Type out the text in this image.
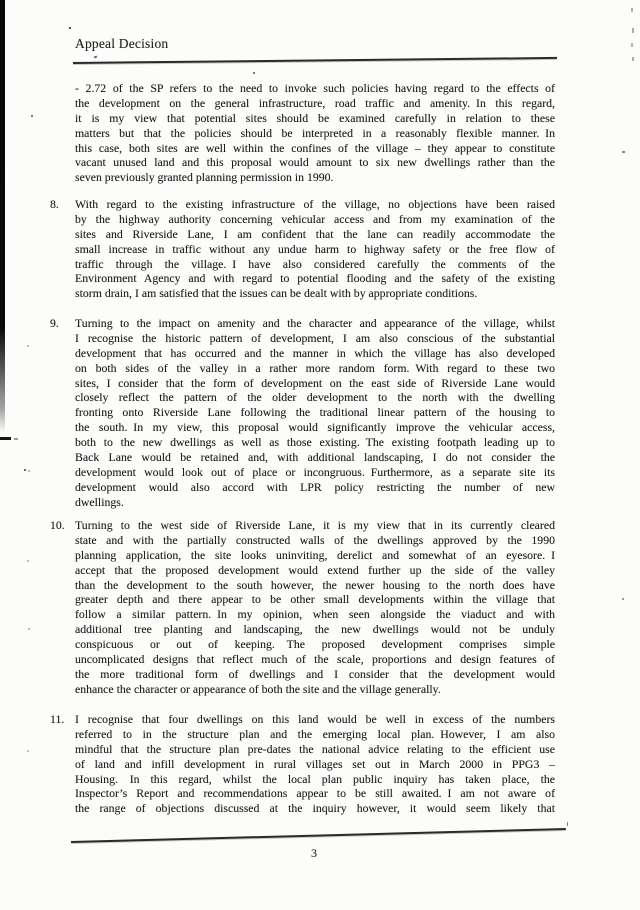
Appeal Decision
- 2.72 of the SP refers to the need to invoke such policies having regard to the effects of
the development on the general infrastructure, road traffic and amenity. In this regard,
it is my view that potential sites should be examined carefully in relation to these
matters but that the policies should be interpreted in a reasonably flexible manner. In
this case, both sites are well within the confines of the village – they appear to constitute
vacant unused land and this proposal would amount to six new dwellings rather than the
seven previously granted planning permission in 1990.
8. With regard to the existing infrastructure of the village, no objections have been raised
by the highway authority concerning vehicular access and from my examination of the
sites and Riverside Lane, I am confident that the lane can readily accommodate the
small increase in traffic without any undue harm to highway safety or the free flow of
traffic through the village. I have also considered carefully the comments of the
Environment Agency and with regard to potential flooding and the safety of the existing
storm drain, I am satisfied that the issues can be dealt with by appropriate conditions.
9. Turning to the impact on amenity and the character and appearance of the village, whilst
I recognise the historic pattern of development, I am also conscious of the substantial
development that has occurred and the manner in which the village has also developed
on both sides of the valley in a rather more random form. With regard to these two
sites, I consider that the form of development on the east side of Riverside Lane would
closely reflect the pattern of the older development to the north with the dwelling
fronting onto Riverside Lane following the traditional linear pattern of the housing to
the south. In my view, this proposal would significantly improve the vehicular access,
both to the new dwellings as well as those existing. The existing footpath leading up to
Back Lane would be retained and, with additional landscaping, I do not consider the
development would look out of place or incongruous. Furthermore, as a separate site its
development would also accord with LPR policy restricting the number of new
dwellings.
10. Turning to the west side of Riverside Lane, it is my view that in its currently cleared
state and with the partially constructed walls of the dwellings approved by the 1990
planning application, the site looks uninviting, derelict and somewhat of an eyesore. I
accept that the proposed development would extend further up the side of the valley
than the development to the south however, the newer housing to the north does have
greater depth and there appear to be other small developments within the village that
follow a similar pattern. In my opinion, when seen alongside the viaduct and with
additional tree planting and landscaping, the new dwellings would not be unduly
conspicuous or out of keeping. The proposed development comprises simple
uncomplicated designs that reflect much of the scale, proportions and design features of
the more traditional form of dwellings and I consider that the development would
enhance the character or appearance of both the site and the village generally.
11. I recognise that four dwellings on this land would be well in excess of the numbers
referred to in the structure plan and the emerging local plan. However, I am also
mindful that the structure plan pre-dates the national advice relating to the efficient use
of land and infill development in rural villages set out in March 2000 in PPG3 –
Housing. In this regard, whilst the local plan public inquiry has taken place, the
Inspector’s Report and recommendations appear to be still awaited. I am not aware of
the range of objections discussed at the inquiry however, it would seem likely that
3
